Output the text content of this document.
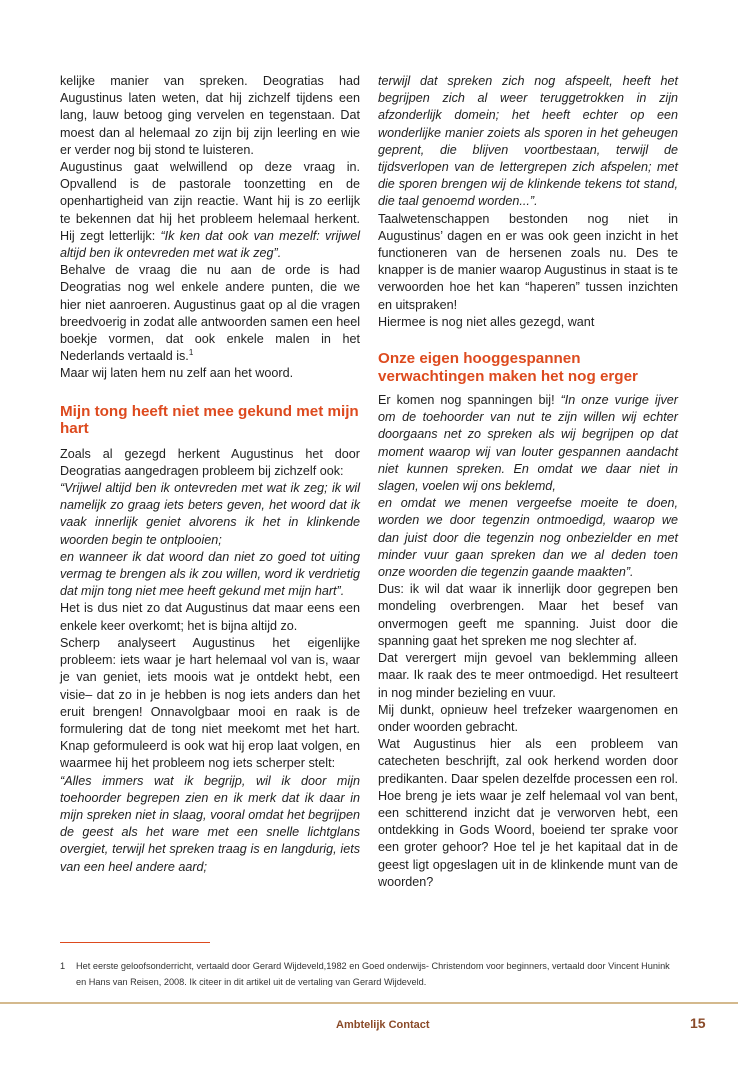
kelijke manier van spreken. Deogratias had Augustinus laten weten, dat hij zichzelf tijdens een lang, lauw betoog ging vervelen en tegenstaan. Dat moest dan al helemaal zo zijn bij zijn leerling en wie er verder nog bij stond te luisteren.

Augustinus gaat welwillend op deze vraag in. Opvallend is de pastorale toonzetting en de openhartigheid van zijn reactie. Want hij is zo eerlijk te bekennen dat hij het probleem helemaal herkent. Hij zegt letterlijk: “Ik ken dat ook van mezelf: vrijwel altijd ben ik ontevreden met wat ik zeg”.

Behalve de vraag die nu aan de orde is had Deogratias nog wel enkele andere punten, die we hier niet aanroeren. Augustinus gaat op al die vragen breedvoerig in zodat alle antwoorden samen een heel boekje vormen, dat ook enkele malen in het Nederlands vertaald is.$^1$

Maar wij laten hem nu zelf aan het woord.

Mijn tong heeft niet mee gekund met mijn hart

Zoals al gezegd herkent Augustinus het door Deogratias aangedragen probleem bij zichzelf ook:

“Vrijwel altijd ben ik ontevreden met wat ik zeg; ik wil namelijk zo graag iets beters geven, het woord dat ik vaak innerlijk geniet alvorens ik het in klinkende woorden begin te ontplooien;

en wanneer ik dat woord dan niet zo goed tot uiting vermag te brengen als ik zou willen, word ik verdrietig dat mijn tong niet mee heeft gekund met mijn hart”.

Het is dus niet zo dat Augustinus dat maar eens een enkele keer overkomt; het is bijna altijd zo.

Scherp analyseert Augustinus het eigenlijke probleem: iets waar je hart helemaal vol van is, waar je van geniet, iets moois wat je ontdekt hebt, een visie– dat zo in je hebben is nog iets anders dan het eruit brengen! Onnavolgbaar mooi en raak is de formulering dat de tong niet meekomt met het hart. Knap geformuleerd is ook wat hij erop laat volgen, en waarmee hij het probleem nog iets scherper stelt:

“Alles immers wat ik begrijp, wil ik door mijn toehoorder begrepen zien en ik merk dat ik daar in mijn spreken niet in slaag, vooral omdat het begrijpen de geest als het ware met een snelle lichtglans overgiet, terwijl het spreken traag is en langdurig, iets van een heel andere aard;

terwijl dat spreken zich nog afspeelt, heeft het begrijpen zich al weer teruggetrokken in zijn afzonderlijk domein; het heeft echter op een wonderlijke manier zoiets als sporen in het geheugen geprent, die blijven voortbestaan, terwijl de tijdsverlopen van de lettergrepen zich afspelen; met die sporen brengen wij de klinkende tekens tot stand, die taal genoemd worden...”.

Taalwetenschappen bestonden nog niet in Augustinus’ dagen en er was ook geen inzicht in het functioneren van de hersenen zoals nu. Des te knapper is de manier waarop Augustinus in staat is te verwoorden hoe het kan “haperen” tussen inzichten en uitspraken!

Hiermee is nog niet alles gezegd, want

Onze eigen hooggespannen verwachtingen maken het nog erger

Er komen nog spanningen bij! “In onze vurige ijver om de toehoorder van nut te zijn willen wij echter doorgaans net zo spreken als wij begrijpen op dat moment waarop wij van louter gespannen aandacht niet kunnen spreken. En omdat we daar niet in slagen, voelen wij ons beklemd,

en omdat we menen vergeefse moeite te doen, worden we door tegenzin ontmoedigd, waarop we dan juist door die tegenzin nog onbezielder en met minder vuur gaan spreken dan we al deden toen onze woorden die tegenzin gaande maakten”.

Dus: ik wil dat waar ik innerlijk door gegrepen ben mondeling overbrengen. Maar het besef van onvermogen geeft me spanning. Juist door die spanning gaat het spreken me nog slechter af.

Dat verergert mijn gevoel van beklemming alleen maar. Ik raak des te meer ontmoedigd. Het resulteert in nog minder bezieling en vuur.

Mij dunkt, opnieuw heel trefzeker waargenomen en onder woorden gebracht.

Wat Augustinus hier als een probleem van catecheten beschrijft, zal ook herkend worden door predikanten. Daar spelen dezelfde processen een rol. Hoe breng je iets waar je zelf helemaal vol van bent, een schitterend inzicht dat je verworven hebt, een ontdekking in Gods Woord, boeiend ter sprake voor een groter gehoor? Hoe tel je het kapitaal dat in de geest ligt opgeslagen uit in de klinkende munt van de woorden?

1 Het eerste geloofsonderricht, vertaald door Gerard Wijdeveld,1982 en Goed onderwijs- Christendom voor beginners, vertaald door Vincent Hunink en Hans van Reisen, 2008. Ik citeer in dit artikel uit de vertaling van Gerard Wijdeveld.
Ambtelijk Contact	15
